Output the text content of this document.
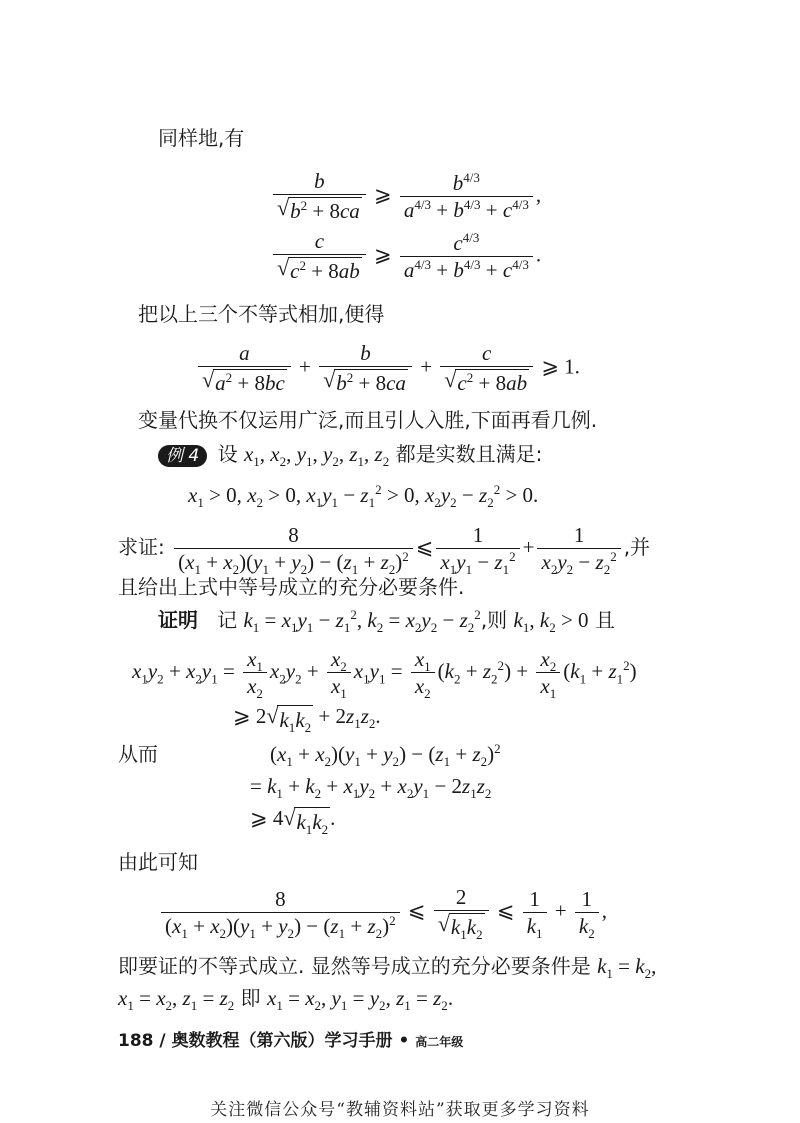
同样地,有
$\frac{b}{√ b^2 + 8ca}$ ⩾ $\frac{b^{4/3}}{a^{4/3} + b^{4/3} + c^{4/3}}$ ,
$\frac{c}{√ c^2 + 8ab}$ ⩾ $\frac{c^{4/3}}{a^{4/3} + b^{4/3} + c^{4/3}}$ .
把以上三个不等式相加,便得
$\frac{a}{√ a^2 + 8bc} + \frac{b}{√ b^2 + 8ca} + \frac{c}{√ c^2 + 8ab}$ ⩾ 1.
变量代换不仅运用广泛,而且引人入胜,下面再看几例.
例 4 设 $x_1$, $x_2$, $y_1$, $y_2$, $z_1$, $z_2$ 都是实数且满足:
$x_1 > 0$, $x_2 > 0$, $x_1y_1 - z_1^2 > 0$, $x_2y_2 - z_2^2 > 0$.
求证: $\frac{8}{(x_1 + x_2)(y_1 + y_2) - (z_1 + z_2)^2}$ ⩽ $\frac{1}{x_1y_1 - z_1^2} + \frac{1}{x_2y_2 - z_2^2}$ ,并
且给出上式中等号成立的充分必要条件.
证明 记 $k_1 = x_1y_1 - z_1^2$, $k_2 = x_2y_2 - z_2^2$,则 $k_1$, $k_2 > 0$ 且
$x_1y_2 + x_2y_1 = \frac{x_1}{x_2} x_2y_2 + \frac{x_2}{x_1} x_1y_1 = \frac{x_1}{x_2} (k_2 + z_2^2) + \frac{x_2}{x_1} (k_1 + z_1^2)$
⩾ 2 √ $k_1k_2 + 2z_1z_2$.
从而	$(x_1 + x_2)(y_1 + y_2) - (z_1 + z_2)^2$
= $k_1 + k_2 + x_1y_2 + x_2y_1 - 2z_1z_2$
⩾ 4 √ $k_1k_2$ .
由此可知
$\frac{8}{(x_1 + x_2)(y_1 + y_2) - (z_1 + z_2)^2}$ ⩽ $\frac{2}{√ k_1k_2}$ ⩽ $\frac{1}{k_1} + \frac{1}{k_2}$ ,
即要证的不等式成立. 显然等号成立的充分必要条件是 $k_1 = k_2$,
$x_1 = x_2$, $z_1 = z_2$ 即 $x_1 = x_2$, $y_1 = y_2$, $z_1 = z_2$.
188 / 奥数教程（第六版）学习手册 • 高二年级
关注微信公众号“教辅资料站”获取更多学习资料
